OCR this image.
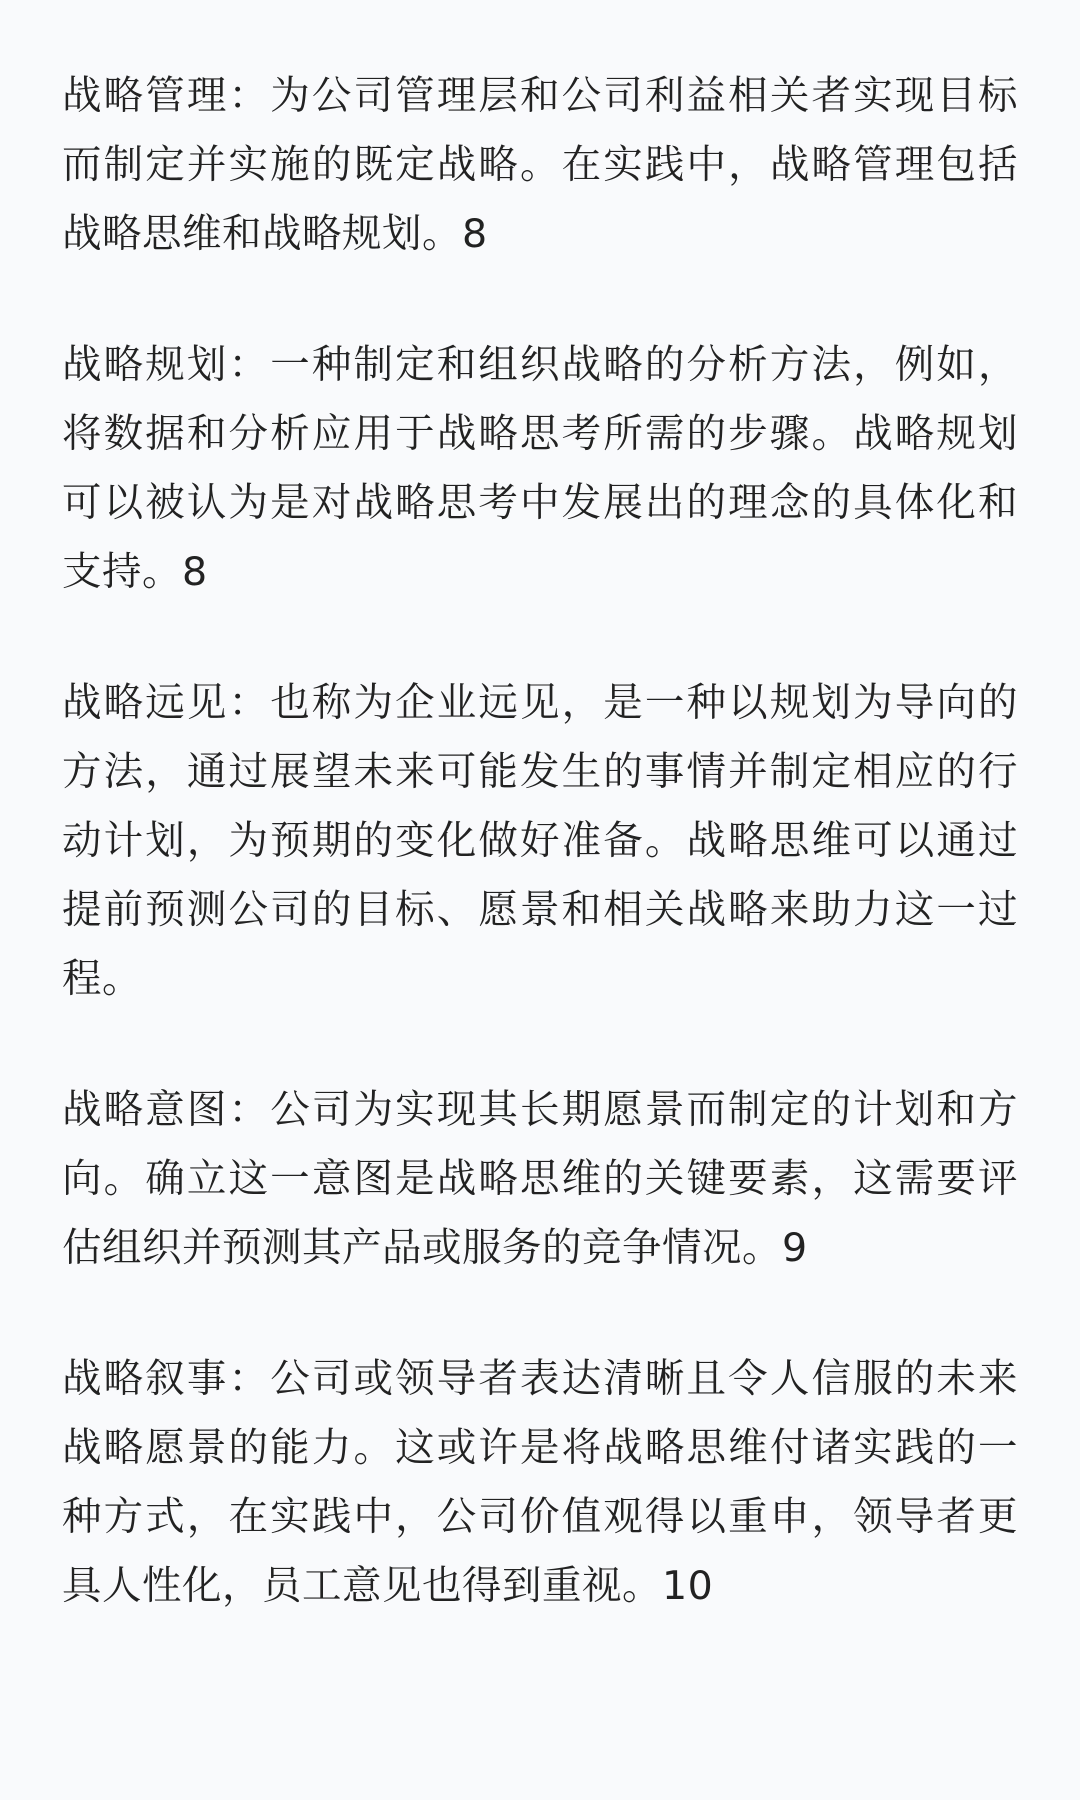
战略管理：为公司管理层和公司利益相关者实现目标而制定并实施的既定战略。在实践中，战略管理包括战略思维和战略规划。8

战略规划：一种制定和组织战略的分析方法，例如，将数据和分析应用于战略思考所需的步骤。战略规划可以被认为是对战略思考中发展出的理念的具体化和支持。8

战略远见：也称为企业远见，是一种以规划为导向的方法，通过展望未来可能发生的事情并制定相应的行动计划，为预期的变化做好准备。战略思维可以通过提前预测公司的目标、愿景和相关战略来助力这一过程。

战略意图：公司为实现其长期愿景而制定的计划和方向。确立这一意图是战略思维的关键要素，这需要评估组织并预测其产品或服务的竞争情况。9

战略叙事：公司或领导者表达清晰且令人信服的未来战略愿景的能力。这或许是将战略思维付诸实践的一种方式，在实践中，公司价值观得以重申，领导者更具人性化，员工意见也得到重视。10
